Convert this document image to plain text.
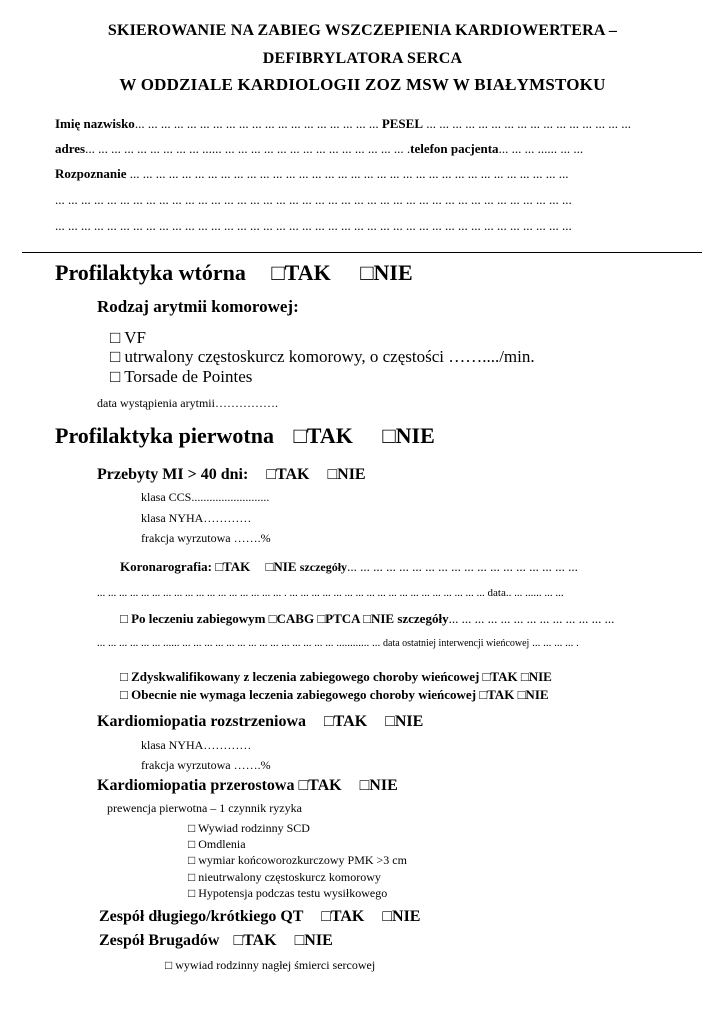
SKIEROWANIE NA ZABIEG WSZCZEPIENIA KARDIOWERTERA –
DEFIBRYLATORA SERCA
W ODDZIALE KARDIOLOGII ZOZ MSW W BIAŁYMSTOKU
Imię nazwisko... ... ... ... ... ... ... ... ... ... ... ... ... ... ... ... ... ... ... PESEL ... ... ... ... ... ... ... ... ... ... ... ... ... ... ... ...
adres... ... ... ... ... ... ... ... ... ...... ... ... ... ... ... ... ... ... ... ... ... ... ... ... .telefon pacjenta... ... ... ...... ... ...
Rozpoznanie ... ... ... ... ... ... ... ... ... ... ... ... ... ... ... ... ... ... ... ... ... ... ... ... ... ... ... ... ... ... ... ... ... ...
... ... ... ... ... ... ... ... ... ... ... ... ... ... ... ... ... ... ... ... ... ... ... ... ... ... ... ... ... ... ... ... ... ... ... ... ... ... ... ...
... ... ... ... ... ... ... ... ... ... ... ... ... ... ... ... ... ... ... ... ... ... ... ... ... ... ... ... ... ... ... ... ... ... ... ... ... ... ... ...
Profilaktyka wtórna □TAK □NIE
Rodzaj arytmii komorowej:
□ VF
□ utrwalony częstoskurcz komorowy, o częstości ……..../min.
□ Torsade de Pointes
data wystąpienia arytmii…………….
Profilaktyka pierwotna □TAK □NIE
Przebyty MI > 40 dni: □TAK □NIE
klasa CCS..........................
klasa NYHA…………
frakcja wyrzutowa …….%
Koronarografia: □TAK □NIE szczegóły... ... ... ... ... ... ... ... ... ... ... ... ... ... ... ... ... ...
... ... ... ... ... ... ... ... ... ... ... ... ... ... ... ... ... . ... ... ... ... ... ... ... ... ... ... ... ... ... ... ... ... ... ... data.. ... ...... ... ...
□ Po leczeniu zabiegowym □CABG □PTCA □NIE szczegóły... ... ... ... ... ... ... ... ... ... ... ... ...
... ... ... ... ... ... ...... ... ... ... ... ... ... ... ... ... ... ... ... ... ... ............ ... data ostatniej interwencji wieńcowej ... ... ... ... .
□ Zdyskwalifikowany z leczenia zabiegowego choroby wieńcowej □TAK □NIE
□ Obecnie nie wymaga leczenia zabiegowego choroby wieńcowej □TAK □NIE
Kardiomiopatia rozstrzeniowa □TAK □NIE
klasa NYHA…………
frakcja wyrzutowa …….%
Kardiomiopatia przerostowa □TAK □NIE
prewencja pierwotna – 1 czynnik ryzyka
□ Wywiad rodzinny SCD
□ Omdlenia
□ wymiar końcoworozkurczowy PMK >3 cm
□ nieutrwalony częstoskurcz komorowy
□ Hypotensja podczas testu wysiłkowego
Zespół długiego/krótkiego QT □TAK □NIE
Zespół Brugadów □TAK □NIE
□ wywiad rodzinny nagłej śmierci sercowej
